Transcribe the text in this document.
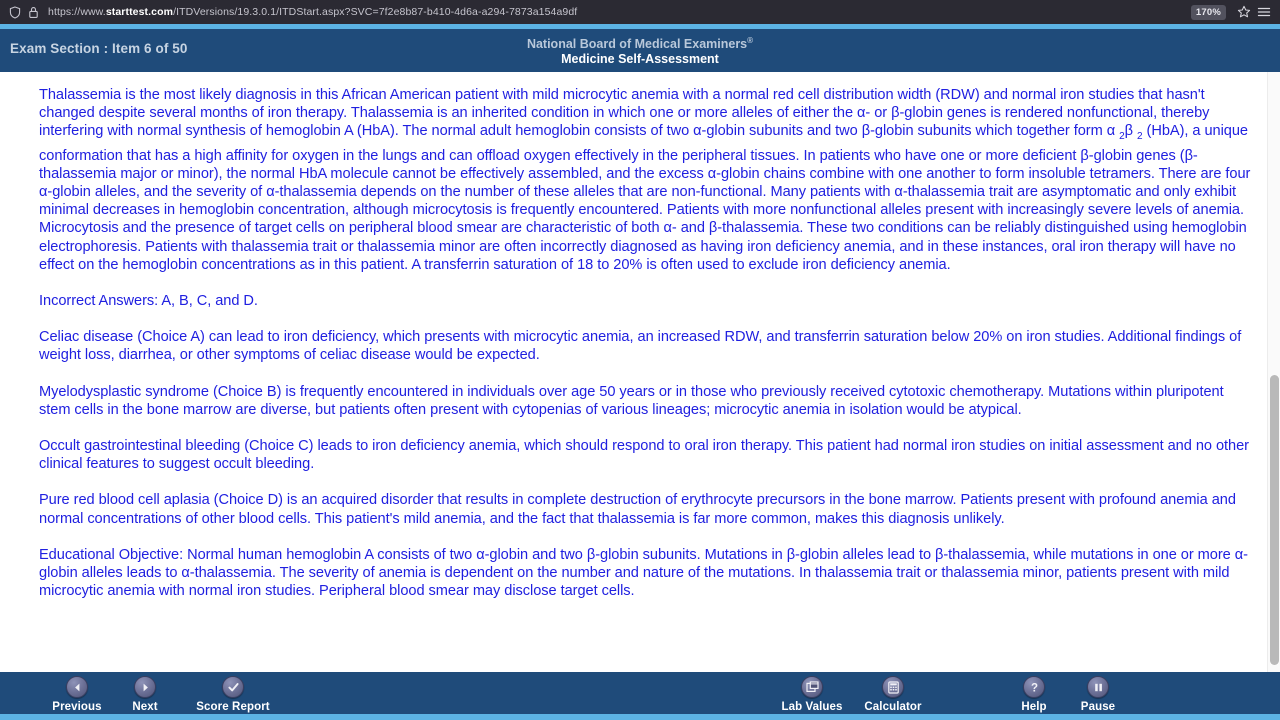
https://www.starttest.com/ITDVersions/19.3.0.1/ITDStart.aspx?SVC=7f2e8b87-b410-4d6a-a294-7873a154a9df	170%
Exam Section : Item 6 of 50	National Board of Medical Examiners®
Medicine Self-Assessment

Thalassemia is the most likely diagnosis in this African American patient with mild microcytic anemia with a normal red cell distribution width (RDW) and normal iron studies that hasn't changed despite several months of iron therapy. Thalassemia is an inherited condition in which one or more alleles of either the α- or β-globin genes is rendered nonfunctional, thereby interfering with normal synthesis of hemoglobin A (HbA). The normal adult hemoglobin consists of two α-globin subunits and two β-globin subunits which together form α $_2$β $_2$ (HbA), a unique conformation that has a high affinity for oxygen in the lungs and can offload oxygen effectively in the peripheral tissues. In patients who have one or more deficient β-globin genes (β-thalassemia major or minor), the normal HbA molecule cannot be effectively assembled, and the excess α-globin chains combine with one another to form insoluble tetramers. There are four α-globin alleles, and the severity of α-thalassemia depends on the number of these alleles that are non-functional. Many patients with α-thalassemia trait are asymptomatic and only exhibit minimal decreases in hemoglobin concentration, although microcytosis is frequently encountered. Patients with more nonfunctional alleles present with increasingly severe levels of anemia. Microcytosis and the presence of target cells on peripheral blood smear are characteristic of both α- and β-thalassemia. These two conditions can be reliably distinguished using hemoglobin electrophoresis. Patients with thalassemia trait or thalassemia minor are often incorrectly diagnosed as having iron deficiency anemia, and in these instances, oral iron therapy will have no effect on the hemoglobin concentrations as in this patient. A transferrin saturation of 18 to 20% is often used to exclude iron deficiency anemia.

Incorrect Answers: A, B, C, and D.

Celiac disease (Choice A) can lead to iron deficiency, which presents with microcytic anemia, an increased RDW, and transferrin saturation below 20% on iron studies. Additional findings of weight loss, diarrhea, or other symptoms of celiac disease would be expected.

Myelodysplastic syndrome (Choice B) is frequently encountered in individuals over age 50 years or in those who previously received cytotoxic chemotherapy. Mutations within pluripotent stem cells in the bone marrow are diverse, but patients often present with cytopenias of various lineages; microcytic anemia in isolation would be atypical.

Occult gastrointestinal bleeding (Choice C) leads to iron deficiency anemia, which should respond to oral iron therapy. This patient had normal iron studies on initial assessment and no other clinical features to suggest occult bleeding.

Pure red blood cell aplasia (Choice D) is an acquired disorder that results in complete destruction of erythrocyte precursors in the bone marrow. Patients present with profound anemia and normal concentrations of other blood cells. This patient's mild anemia, and the fact that thalassemia is far more common, makes this diagnosis unlikely.

Educational Objective: Normal human hemoglobin A consists of two α-globin and two β-globin subunits. Mutations in β-globin alleles lead to β-thalassemia, while mutations in one or more α-globin alleles leads to α-thalassemia. The severity of anemia is dependent on the number and nature of the mutations. In thalassemia trait or thalassemia minor, patients present with mild microcytic anemia with normal iron studies. Peripheral blood smear may disclose target cells.

Previous	Next	Score Report	Lab Values Calculator
?
Help	Pause
